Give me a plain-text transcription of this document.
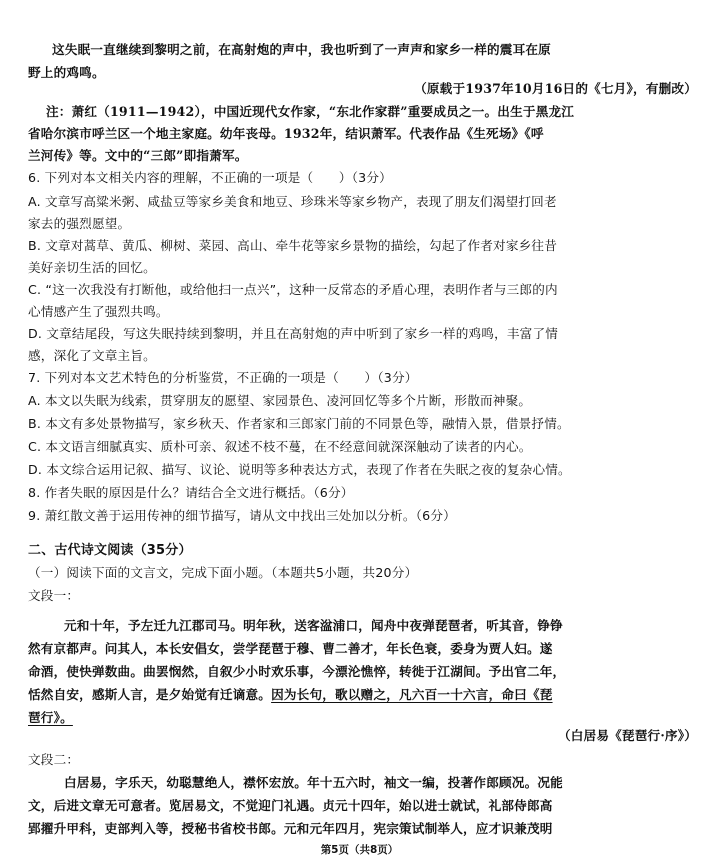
这失眠一直继续到黎明之前，在高射炮的声中，我也听到了一声声和家乡一样的震耳在原
野上的鸡鸣。
（原载于1937年10月16日的《七月》，有删改）
注：萧红（1911—1942），中国近现代女作家，“东北作家群”重要成员之一。出生于黑龙江
省哈尔滨市呼兰区一个地主家庭。幼年丧母。1932年，结识萧军。代表作品《生死场》《呼
兰河传》等。文中的“三郎”即指萧军。
6. 下列对本文相关内容的理解，不正确的一项是（　　）（3分）
A. 文章写高粱米粥、咸盐豆等家乡美食和地豆、珍珠米等家乡物产，表现了朋友们渴望打回老
家去的强烈愿望。
B. 文章对蒿草、黄瓜、柳树、菜园、高山、牵牛花等家乡景物的描绘，勾起了作者对家乡往昔
美好亲切生活的回忆。
C. “这一次我没有打断他，或给他扫一点兴”，这种一反常态的矛盾心理，表明作者与三郎的内
心情感产生了强烈共鸣。
D. 文章结尾段，写这失眠持续到黎明，并且在高射炮的声中听到了家乡一样的鸡鸣，丰富了情
感，深化了文章主旨。
7. 下列对本文艺术特色的分析鉴赏，不正确的一项是（　　）（3分）
A. 本文以失眠为线索，贯穿朋友的愿望、家园景色、凌河回忆等多个片断，形散而神聚。
B. 本文有多处景物描写，家乡秋天、作者家和三郎家门前的不同景色等，融情入景，借景抒情。
C. 本文语言细腻真实、质朴可亲、叙述不枝不蔓，在不经意间就深深触动了读者的内心。
D. 本文综合运用记叙、描写、议论、说明等多种表达方式，表现了作者在失眠之夜的复杂心情。
8. 作者失眠的原因是什么？请结合全文进行概括。（6分）
9. 萧红散文善于运用传神的细节描写，请从文中找出三处加以分析。（6分）
二、古代诗文阅读（35分）
（一）阅读下面的文言文，完成下面小题。（本题共5小题，共20分）
文段一：
元和十年，予左迁九江郡司马。明年秋，送客湓浦口，闻舟中夜弹琵琶者，听其音，铮铮
然有京都声。问其人，本长安倡女，尝学琵琶于穆、曹二善才，年长色衰，委身为贾人妇。遂
命酒，使快弹数曲。曲罢悯然，自叙少小时欢乐事，今漂沦憔悴，转徙于江湖间。予出官二年，
恬然自安，感斯人言，是夕始觉有迁谪意。因为长句，歌以赠之，凡六百一十六言，命曰《琵
琶行》。
（白居易《琵琶行·序》）
文段二：
白居易，字乐天，幼聪慧绝人，襟怀宏放。年十五六时，袖文一编，投著作郎顾况。况能
文，后进文章无可意者。览居易文，不觉迎门礼遇。贞元十四年，始以进士就试，礼部侍郎高
郢擢升甲科，吏部判入等，授秘书省校书郎。元和元年四月，宪宗策试制举人，应才识兼茂明
第5页（共8页）
